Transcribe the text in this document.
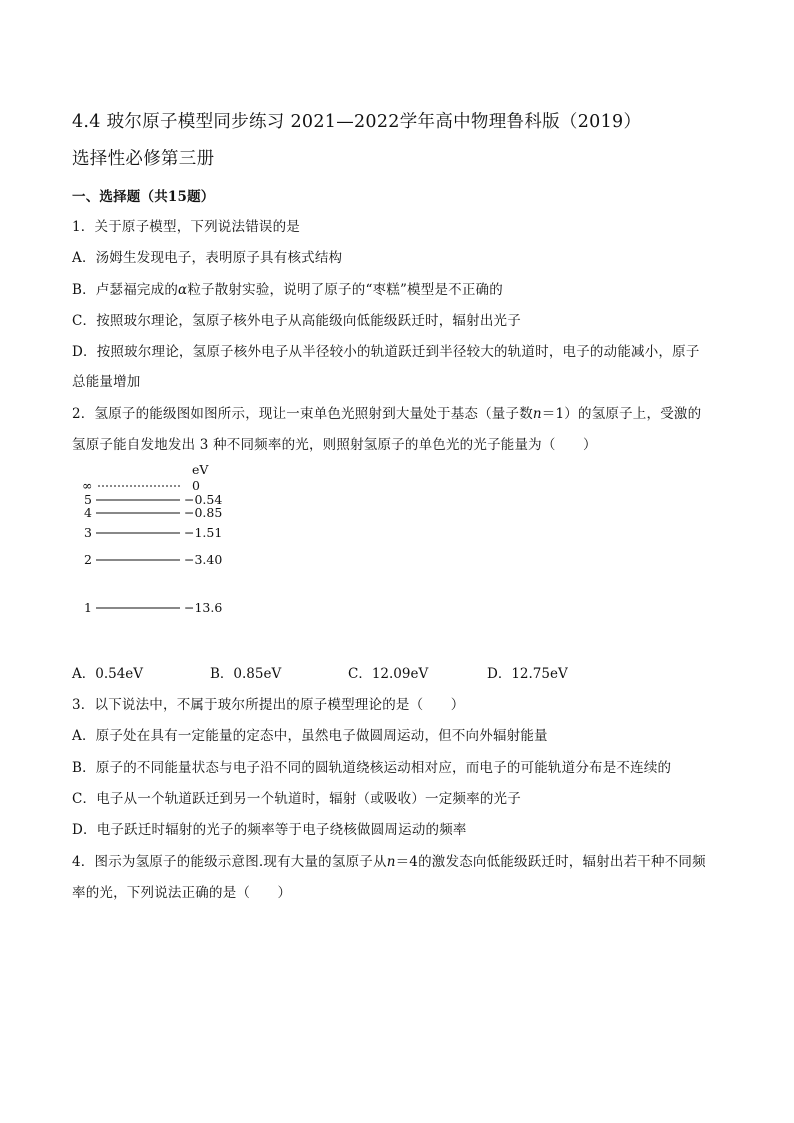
4.4 玻尔原子模型同步练习 2021—2022学年高中物理鲁科版（2019）
选择性必修第三册
一、选择题（共15题）
1．关于原子模型，下列说法错误的是
A．汤姆生发现电子，表明原子具有核式结构
B．卢瑟福完成的α粒子散射实验，说明了原子的“枣糕”模型是不正确的
C．按照玻尔理论，氢原子核外电子从高能级向低能级跃迁时，辐射出光子
D．按照玻尔理论，氢原子核外电子从半径较小的轨道跃迁到半径较大的轨道时，电子的动能减小，原子
总能量增加
2．氢原子的能级图如图所示，现让一束单色光照射到大量处于基态（量子数n＝1）的氢原子上，受激的
氢原子能自发地发出 3 种不同频率的光，则照射氢原子的单色光的光子能量为（　　）
eV
∞	0
5	−0.54
4	−0.85
3	−1.51
2	−3.40
1	−13.6
A．0.54eV	B．0.85eV	C．12.09eV	D．12.75eV
3．以下说法中，不属于玻尔所提出的原子模型理论的是（　　）
A．原子处在具有一定能量的定态中，虽然电子做圆周运动，但不向外辐射能量
B．原子的不同能量状态与电子沿不同的圆轨道绕核运动相对应，而电子的可能轨道分布是不连续的
C．电子从一个轨道跃迁到另一个轨道时，辐射（或吸收）一定频率的光子
D．电子跃迁时辐射的光子的频率等于电子绕核做圆周运动的频率
4．图示为氢原子的能级示意图.现有大量的氢原子从n＝4的激发态向低能级跃迁时，辐射出若干种不同频
率的光，下列说法正确的是（　　）
